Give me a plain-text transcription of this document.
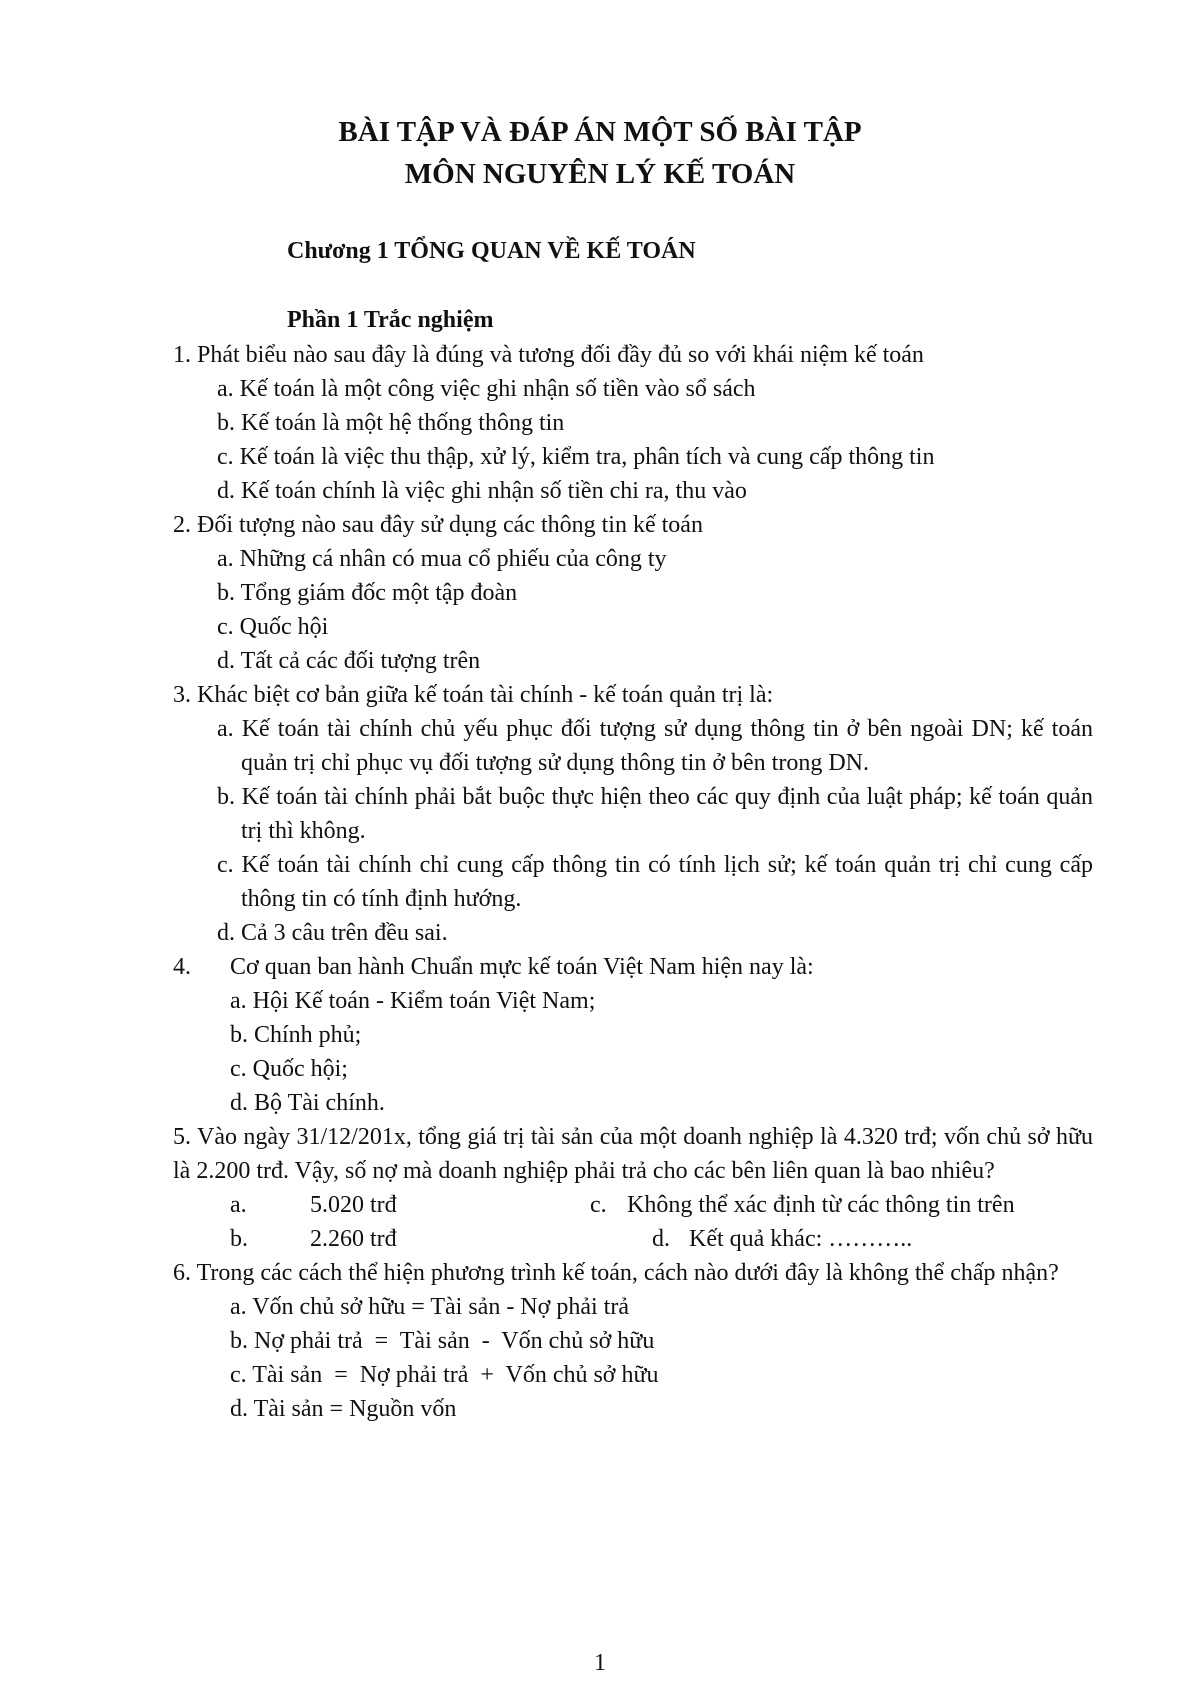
BÀI TẬP VÀ ĐÁP ÁN MỘT SỐ BÀI TẬP
MÔN NGUYÊN LÝ KẾ TOÁN
Chương 1 TỔNG QUAN VỀ KẾ TOÁN
Phần 1 Trắc nghiệm

1. Phát biểu nào sau đây là đúng và tương đối đầy đủ so với khái niệm kế toán

a. Kế toán là một công việc ghi nhận số tiền vào sổ sách

b. Kế toán là một hệ thống thông tin

c. Kế toán là việc thu thập, xử lý, kiểm tra, phân tích và cung cấp thông tin

d. Kế toán chính là việc ghi nhận số tiền chi ra, thu vào

2. Đối tượng nào sau đây sử dụng các thông tin kế toán

a. Những cá nhân có mua cổ phiếu của công ty

b. Tổng giám đốc một tập đoàn

c. Quốc hội

d. Tất cả các đối tượng trên

3. Khác biệt cơ bản giữa kế toán tài chính - kế toán quản trị là:

a. Kế toán tài chính chủ yếu phục đối tượng sử dụng thông tin ở bên ngoài DN; kế toán quản trị chỉ phục vụ đối tượng sử dụng thông tin ở bên trong DN.

b. Kế toán tài chính phải bắt buộc thực hiện theo các quy định của luật pháp; kế toán quản trị thì không.

c. Kế toán tài chính chỉ cung cấp thông tin có tính lịch sử; kế toán quản trị chỉ cung cấp thông tin có tính định hướng.

d. Cả 3 câu trên đều sai.

4.	Cơ quan ban hành Chuẩn mực kế toán Việt Nam hiện nay là:

a. Hội Kế toán - Kiểm toán Việt Nam;

b. Chính phủ;

c. Quốc hội;

d. Bộ Tài chính.

5. Vào ngày 31/12/201x, tổng giá trị tài sản của một doanh nghiệp là 4.320 trđ; vốn chủ sở hữu là 2.200 trđ. Vậy, số nợ mà doanh nghiệp phải trả cho các bên liên quan là bao nhiêu?

a.	5.020 trđ	c. Không thể xác định từ các thông tin trên
b.	2.260 trđ	d. Kết quả khác: ………..

6. Trong các cách thể hiện phương trình kế toán, cách nào dưới đây là không thể chấp nhận?

a. Vốn chủ sở hữu = Tài sản - Nợ phải trả

b. Nợ phải trả  =  Tài sản  -  Vốn chủ sở hữu

c. Tài sản  =  Nợ phải trả  +  Vốn chủ sở hữu

d. Tài sản = Nguồn vốn

1
